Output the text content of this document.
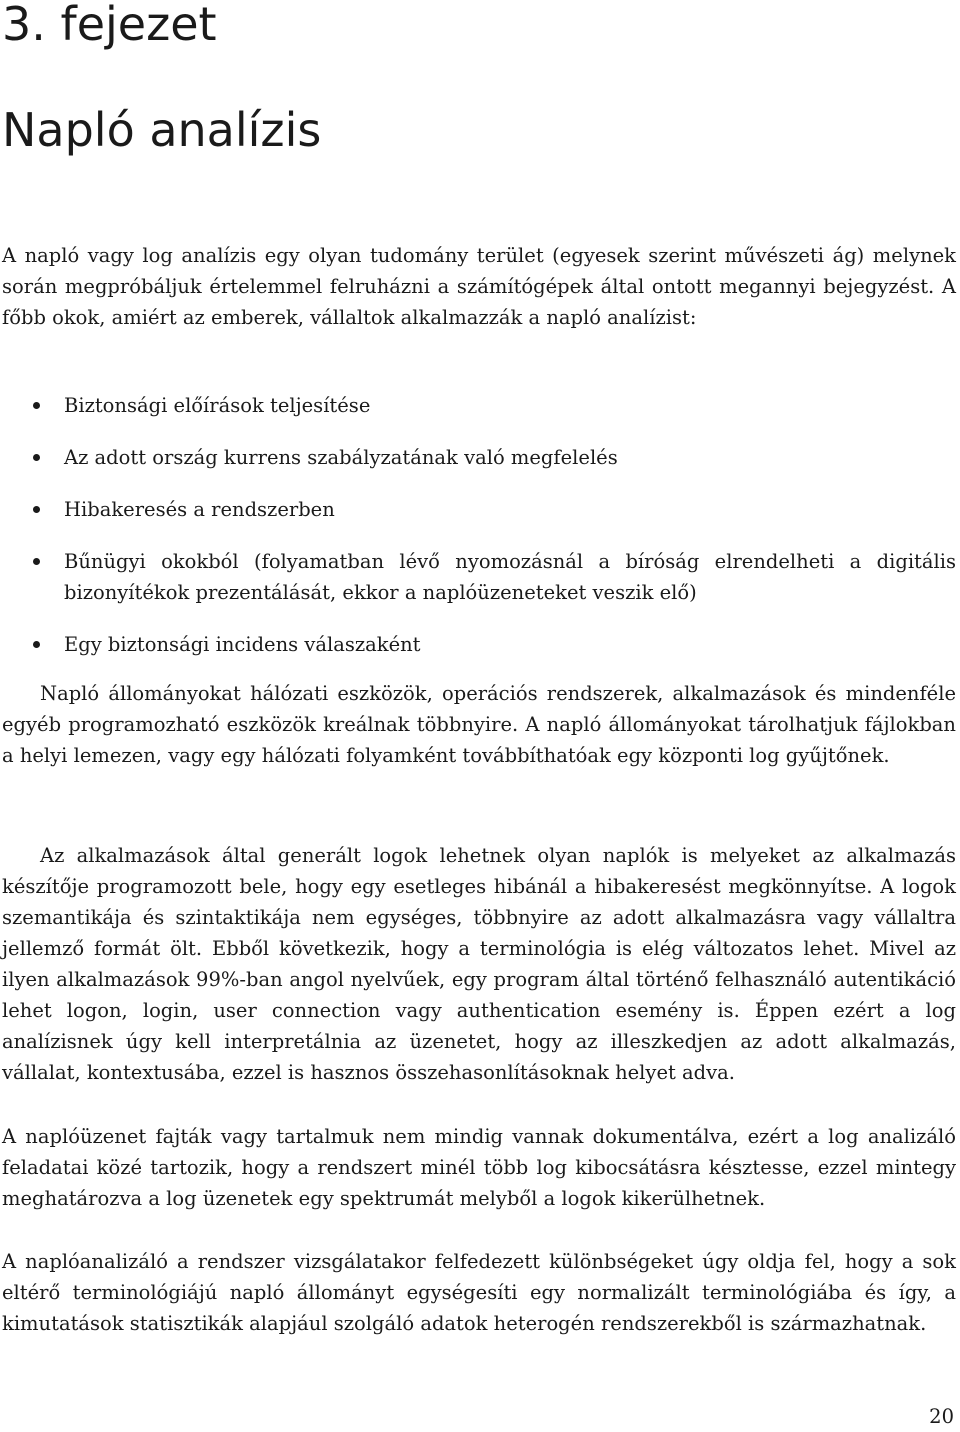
3. fejezet
Napló analízis

A napló vagy log analízis egy olyan tudomány terület (egyesek szerint művészeti ág) melynek során megpróbáljuk értelemmel felruházni a számítógépek által ontott megannyi bejegyzést. A főbb okok, amiért az emberek, vállaltok alkalmazzák a napló analízist:

Biztonsági előírások teljesítése
Az adott ország kurrens szabályzatának való megfelelés
Hibakeresés a rendszerben
Bűnügyi okokból (folyamatban lévő nyomozásnál a bíróság elrendelheti a digitális bizonyítékok prezentálását, ekkor a naplóüzeneteket veszik elő)
Egy biztonsági incidens válaszaként

Napló állományokat hálózati eszközök, operációs rendszerek, alkalmazások és mindenféle egyéb programozható eszközök kreálnak többnyire. A napló állományokat tárolhatjuk fájlokban a helyi lemezen, vagy egy hálózati folyamként továbbíthatóak egy központi log gyűjtőnek.

Az alkalmazások által generált logok lehetnek olyan naplók is melyeket az alkalmazás készítője programozott bele, hogy egy esetleges hibánál a hibakeresést megkönnyítse. A logok szemantikája és szintaktikája nem egységes, többnyire az adott alkalmazásra vagy vállaltra jellemző formát ölt. Ebből következik, hogy a terminológia is elég változatos lehet. Mivel az ilyen alkalmazások 99%-ban angol nyelvűek, egy program által történő felhasználó autentikáció lehet logon, login, user connection vagy authentication esemény is. Éppen ezért a log analízisnek úgy kell interpretálnia az üzenetet, hogy az illeszkedjen az adott alkalmazás, vállalat, kontextusába, ezzel is hasznos összehasonlításoknak helyet adva.

A naplóüzenet fajták vagy tartalmuk nem mindig vannak dokumentálva, ezért a log analizáló feladatai közé tartozik, hogy a rendszert minél több log kibocsátásra késztesse, ezzel mintegy meghatározva a log üzenetek egy spektrumát melyből a logok kikerülhetnek.

A naplóanalizáló a rendszer vizsgálatakor felfedezett különbségeket úgy oldja fel, hogy a sok eltérő terminológiájú napló állományt egységesíti egy normalizált terminológiába és így, a kimutatások statisztikák alapjául szolgáló adatok heterogén rendszerekből is származhatnak.

20
